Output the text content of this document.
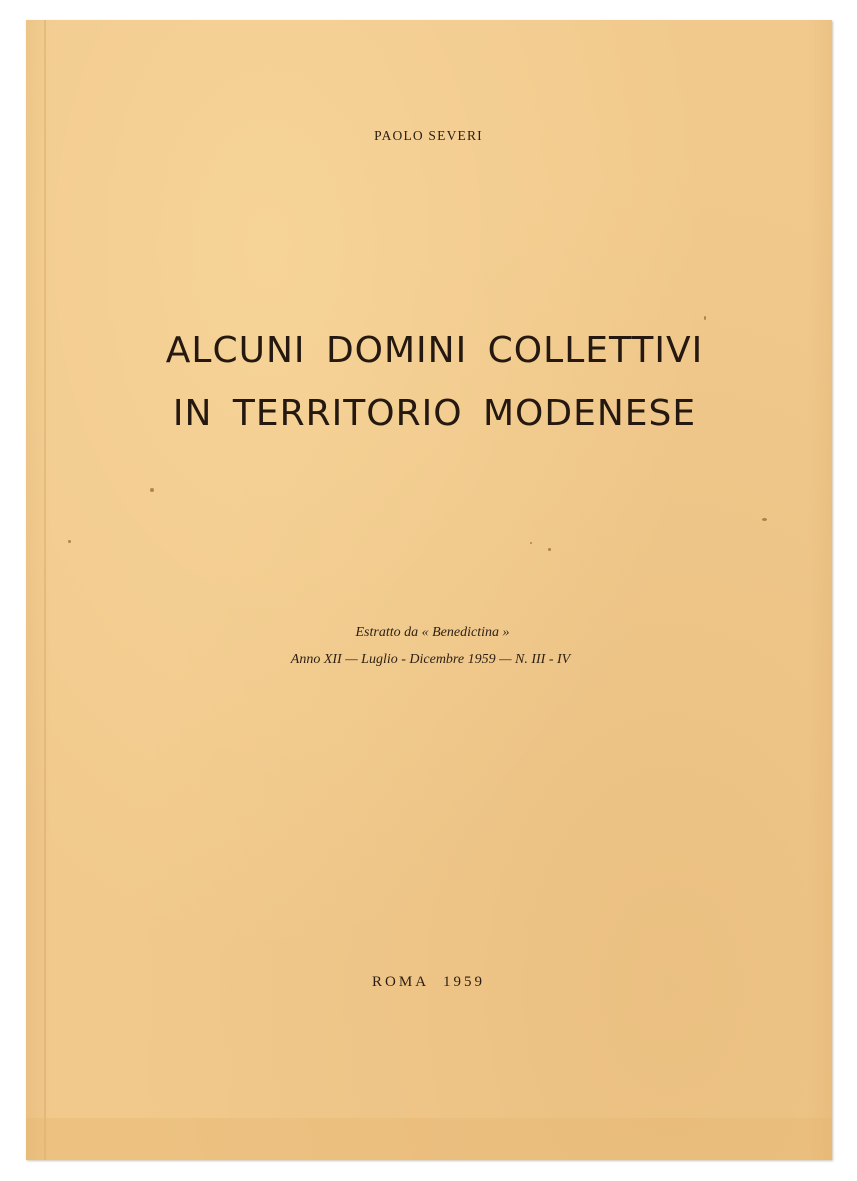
PAOLO SEVERI
ALCUNI DOMINI COLLETTIVI
IN TERRITORIO MODENESE
Estratto da « Benedictina »
Anno XII — Luglio - Dicembre 1959 — N. III - IV
ROMA 1959
